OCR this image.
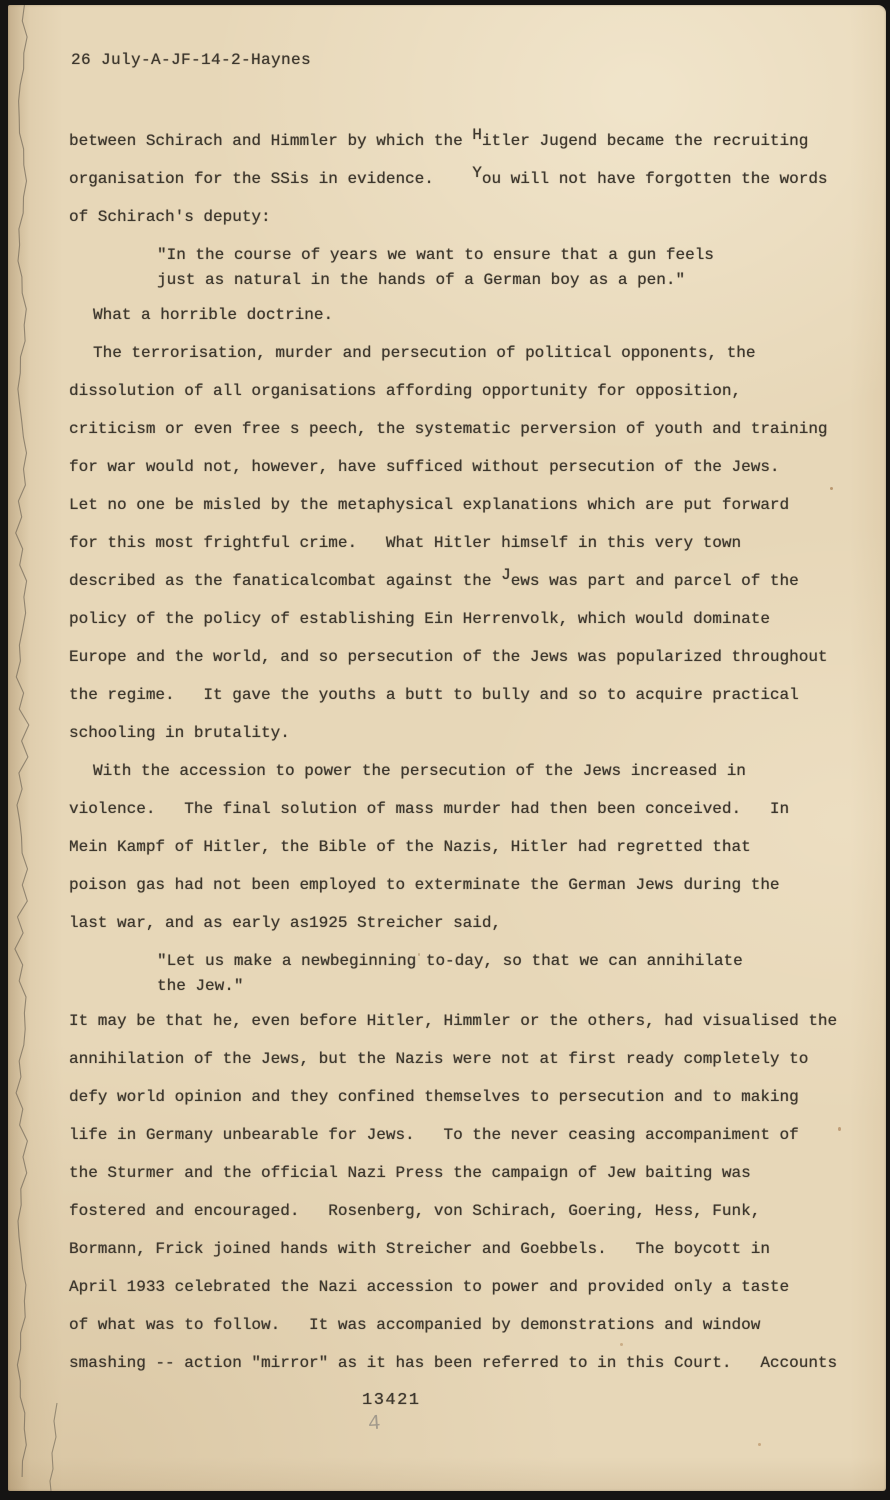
26 July-A-JF-14-2-Haynes
between Schirach and Himmler by which the Hitler Jugend became the recruiting
organisation for the SSis in evidence.    You will not have forgotten the words
of Schirach's deputy:
"In the course of years we want to ensure that a gun feels
just as natural in the hands of a German boy as a pen."
What a horrible doctrine.
The terrorisation, murder and persecution of political opponents, the
dissolution of all organisations affording opportunity for opposition,
criticism or even free s peech, the systematic perversion of youth and training
for war would not, however, have sufficed without persecution of the Jews.
Let no one be misled by the metaphysical explanations which are put forward
for this most frightful crime.   What Hitler himself in this very town
described as the fanaticalcombat against the Jews was part and parcel of the
policy of the policy of establishing Ein Herrenvolk, which would dominate
Europe and the world, and so persecution of the Jews was popularized throughout
the regime.   It gave the youths a butt to bully and so to acquire practical
schooling in brutality.
With the accession to power the persecution of the Jews increased in
violence.   The final solution of mass murder had then been conceived.   In
Mein Kampf of Hitler, the Bible of the Nazis, Hitler had regretted that
poison gas had not been employed to exterminate the German Jews during the
last war, and as early as1925 Streicher said,
"Let us make a newbeginning to-day, so that we can annihilate
the Jew."
It may be that he, even before Hitler, Himmler or the others, had visualised the
annihilation of the Jews, but the Nazis were not at first ready completely to
defy world opinion and they confined themselves to persecution and to making
life in Germany unbearable for Jews.   To the never ceasing accompaniment of
the Sturmer and the official Nazi Press the campaign of Jew baiting was
fostered and encouraged.   Rosenberg, von Schirach, Goering, Hess, Funk,
Bormann, Frick joined hands with Streicher and Goebbels.   The boycott in
April 1933 celebrated the Nazi accession to power and provided only a taste
of what was to follow.   It was accompanied by demonstrations and window
smashing -- action "mirror" as it has been referred to in this Court.   Accounts
13421
4
